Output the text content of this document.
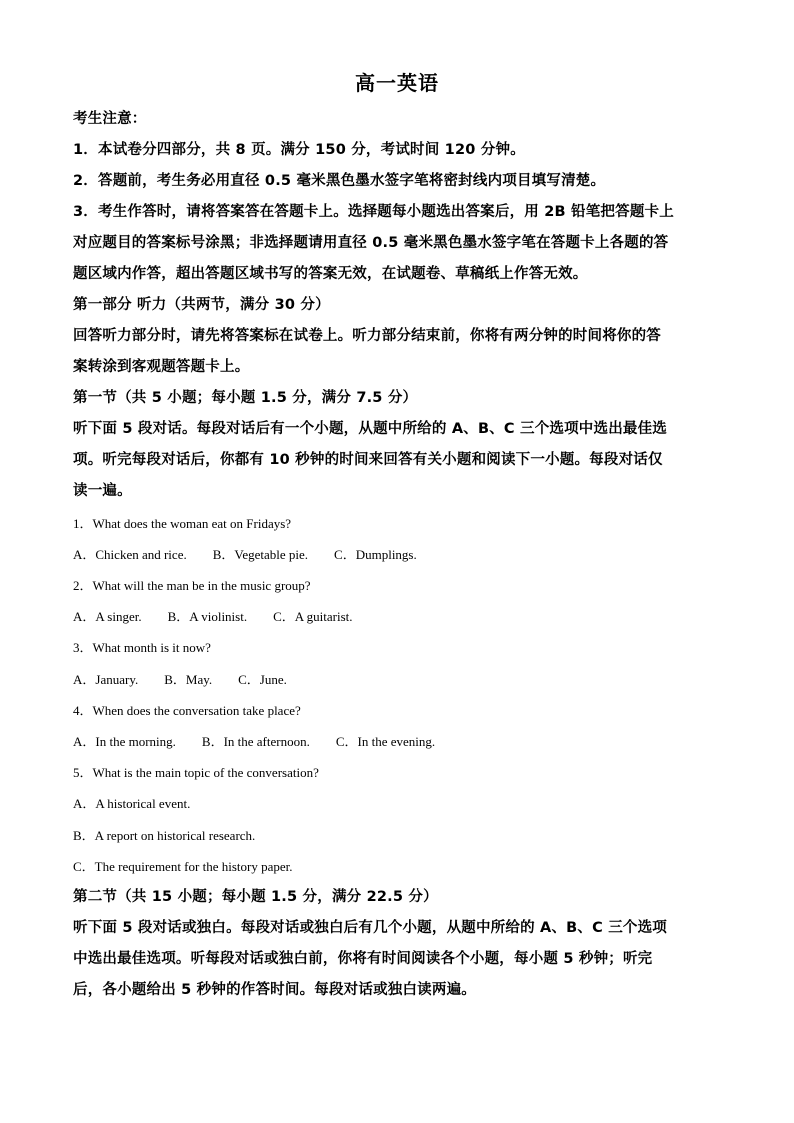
高一英语
考生注意：
1．本试卷分四部分，共 8 页。满分 150 分，考试时间 120 分钟。
2．答题前，考生务必用直径 0.5 毫米黑色墨水签字笔将密封线内项目填写清楚。
3．考生作答时，请将答案答在答题卡上。选择题每小题选出答案后，用 2B 铅笔把答题卡上
对应题目的答案标号涂黑；非选择题请用直径 0.5 毫米黑色墨水签字笔在答题卡上各题的答
题区域内作答，超出答题区域书写的答案无效，在试题卷、草稿纸上作答无效。
第一部分 听力（共两节，满分 30 分）
回答听力部分时，请先将答案标在试卷上。听力部分结束前，你将有两分钟的时间将你的答
案转涂到客观题答题卡上。
第一节（共 5 小题；每小题 1.5 分，满分 7.5 分）
听下面 5 段对话。每段对话后有一个小题，从题中所给的 A、B、C 三个选项中选出最佳选
项。听完每段对话后，你都有 10 秒钟的时间来回答有关小题和阅读下一小题。每段对话仅
读一遍。
1．What does the woman eat on Fridays?
A．Chicken and rice. B．Vegetable pie. C．Dumplings.
2．What will the man be in the music group?
A．A singer. B．A violinist. C．A guitarist.
3．What month is it now?
A．January. B．May. C．June.
4．When does the conversation take place?
A．In the morning. B．In the afternoon. C．In the evening.
5．What is the main topic of the conversation?
A．A historical event.
B．A report on historical research.
C．The requirement for the history paper.
第二节（共 15 小题；每小题 1.5 分，满分 22.5 分）
听下面 5 段对话或独白。每段对话或独白后有几个小题，从题中所给的 A、B、C 三个选项
中选出最佳选项。听每段对话或独白前，你将有时间阅读各个小题，每小题 5 秒钟；听完
后，各小题给出 5 秒钟的作答时间。每段对话或独白读两遍。
